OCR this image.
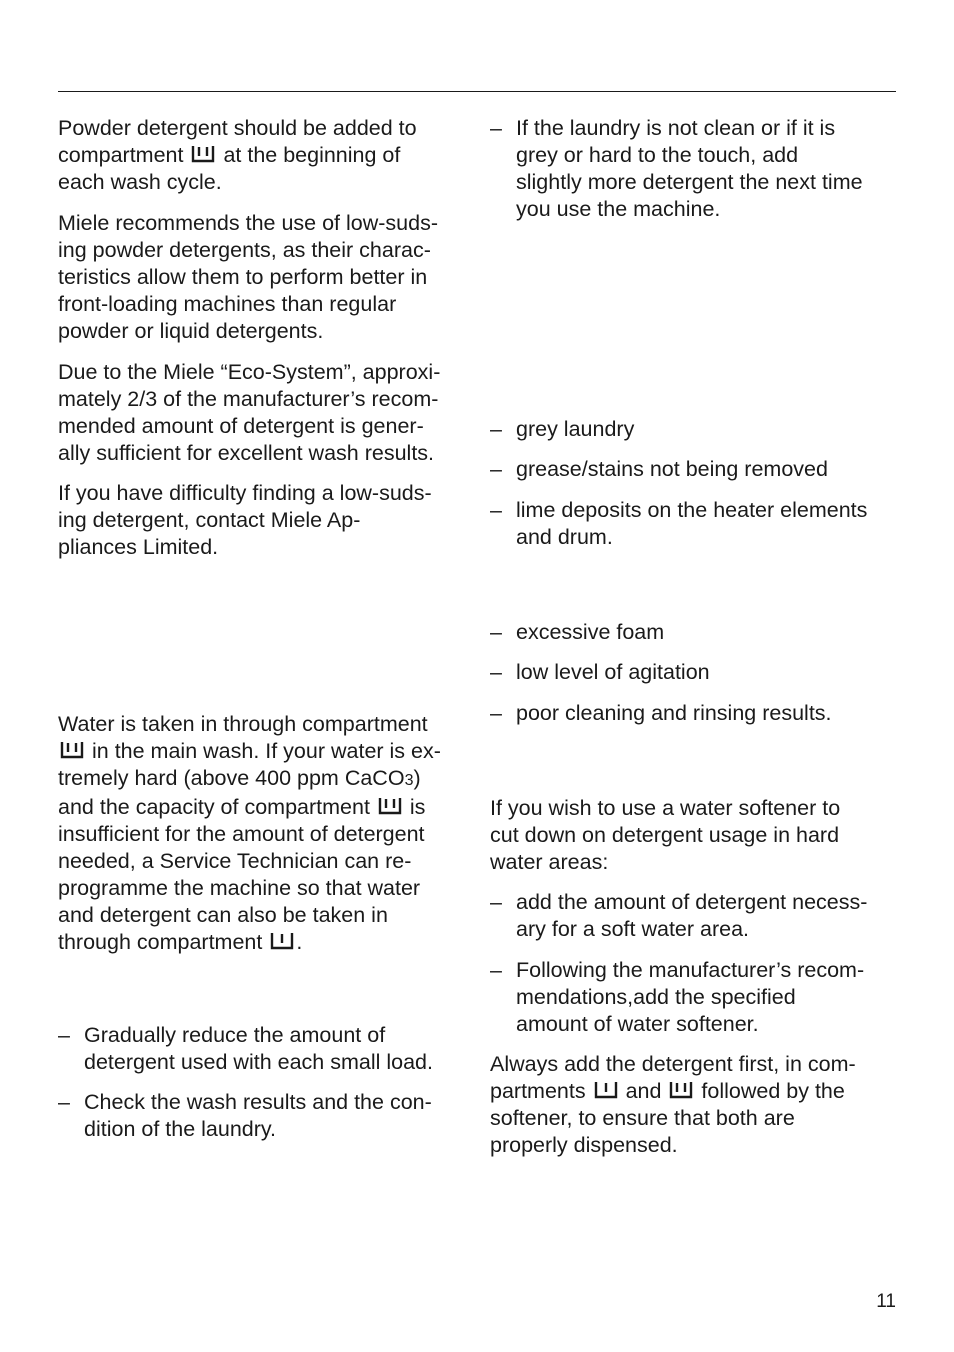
Powder detergent should be added to
compartment at the beginning of
each wash cycle.
Miele recommends the use of low-suds-
ing powder detergents, as their charac-
teristics allow them to perform better in
front-loading machines than regular
powder or liquid detergents.
Due to the Miele “Eco-System”, approxi-
mately 2/3 of the manufacturer’s recom-
mended amount of detergent is gener-
ally sufficient for excellent wash results.
If you have difficulty finding a low-suds-
ing detergent, contact Miele Ap-
pliances Limited.
Water is taken in through compartment
in the main wash. If your water is ex-
tremely hard (above 400 ppm CaCO3)
and the capacity of compartment is
insufficient for the amount of detergent
needed, a Service Technician can re-
programme the machine so that water
and detergent can also be taken in
through compartment .
– Gradually reduce the amount of
detergent used with each small load.
– Check the wash results and the con-
dition of the laundry.
– If the laundry is not clean or if it is
grey or hard to the touch, add
slightly more detergent the next time
you use the machine.
– grey laundry
– grease/stains not being removed
– lime deposits on the heater elements
and drum.
– excessive foam
– low level of agitation
– poor cleaning and rinsing results.
If you wish to use a water softener to
cut down on detergent usage in hard
water areas:
– add the amount of detergent necess-
ary for a soft water area.
– Following the manufacturer’s recom-
mendations,add the specified
amount of water softener.
Always add the detergent first, in com-
partments and followed by the
softener, to ensure that both are
properly dispensed.
11
